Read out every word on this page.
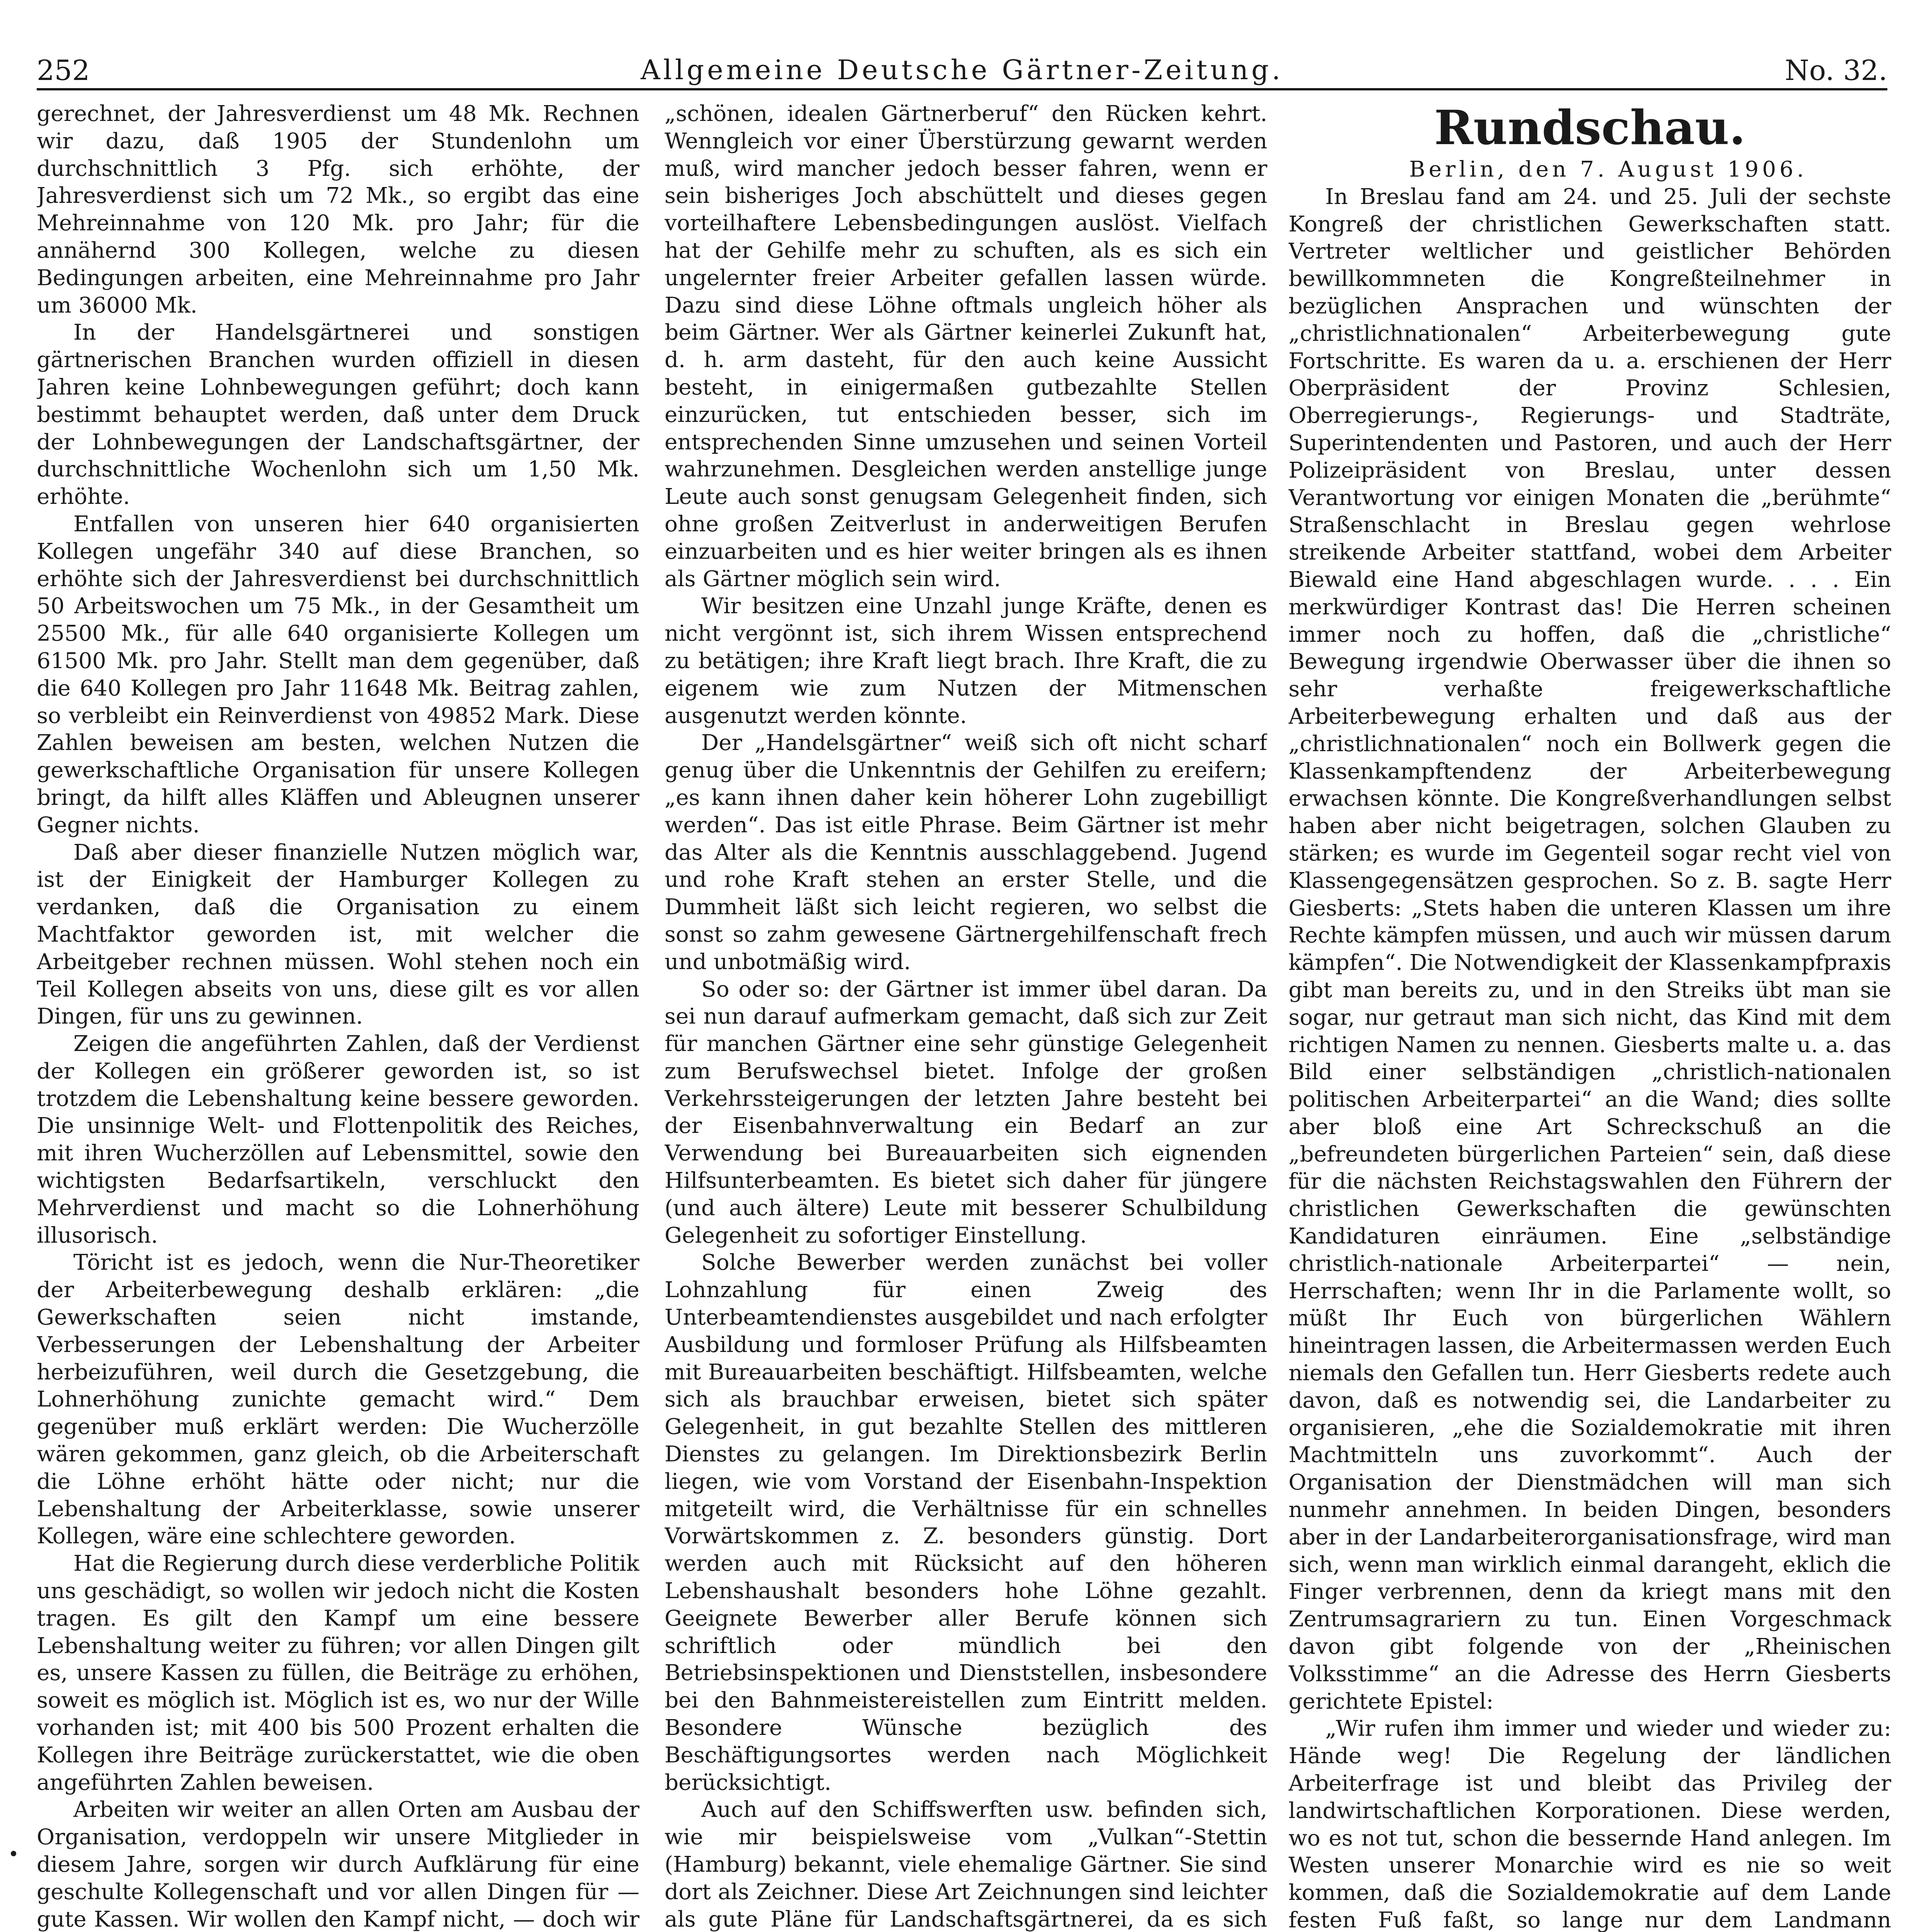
252	Allgemeine Deutsche Gärtner-Zeitung.	No. 32.

gerechnet, der Jahresverdienst um 48 Mk. Rechnen wir dazu, daß 1905 der Stundenlohn um durchschnittlich 3 Pfg. sich erhöhte, der Jahresverdienst sich um 72 Mk., so ergibt das eine Mehreinnahme von 120 Mk. pro Jahr; für die annähernd 300 Kollegen, welche zu diesen Bedingungen arbeiten, eine Mehreinnahme pro Jahr um 36000 Mk.

In der Handelsgärtnerei und sonstigen gärtnerischen Branchen wurden offiziell in diesen Jahren keine Lohnbewegungen geführt; doch kann bestimmt behauptet werden, daß unter dem Druck der Lohnbewegungen der Landschaftsgärtner, der durchschnittliche Wochenlohn sich um 1,50 Mk. erhöhte.

Entfallen von unseren hier 640 organisierten Kollegen ungefähr 340 auf diese Branchen, so erhöhte sich der Jahresverdienst bei durchschnittlich 50 Arbeitswochen um 75 Mk., in der Gesamtheit um 25500 Mk., für alle 640 organisierte Kollegen um 61500 Mk. pro Jahr. Stellt man dem gegenüber, daß die 640 Kollegen pro Jahr 11648 Mk. Beitrag zahlen, so verbleibt ein Reinverdienst von 49852 Mark. Diese Zahlen beweisen am besten, welchen Nutzen die gewerkschaftliche Organisation für unsere Kollegen bringt, da hilft alles Kläffen und Ableugnen unserer Gegner nichts.

Daß aber dieser finanzielle Nutzen möglich war, ist der Einigkeit der Hamburger Kollegen zu verdanken, daß die Organisation zu einem Machtfaktor geworden ist, mit welcher die Arbeitgeber rechnen müssen. Wohl stehen noch ein Teil Kollegen abseits von uns, diese gilt es vor allen Dingen, für uns zu gewinnen.

Zeigen die angeführten Zahlen, daß der Verdienst der Kollegen ein größerer geworden ist, so ist trotzdem die Lebenshaltung keine bessere geworden. Die unsinnige Welt- und Flottenpolitik des Reiches, mit ihren Wucherzöllen auf Lebensmittel, sowie den wichtigsten Bedarfsartikeln, verschluckt den Mehrverdienst und macht so die Lohnerhöhung illusorisch.

Töricht ist es jedoch, wenn die Nur-Theoretiker der Arbeiterbewegung deshalb erklären: „die Gewerkschaften seien nicht imstande, Verbesserungen der Lebenshaltung der Arbeiter herbeizuführen, weil durch die Gesetzgebung, die Lohnerhöhung zunichte gemacht wird.“ Dem gegenüber muß erklärt werden: Die Wucherzölle wären gekommen, ganz gleich, ob die Arbeiterschaft die Löhne erhöht hätte oder nicht; nur die Lebenshaltung der Arbeiterklasse, sowie unserer Kollegen, wäre eine schlechtere geworden.

Hat die Regierung durch diese verderbliche Politik uns geschädigt, so wollen wir jedoch nicht die Kosten tragen. Es gilt den Kampf um eine bessere Lebenshaltung weiter zu führen; vor allen Dingen gilt es, unsere Kassen zu füllen, die Beiträge zu erhöhen, soweit es möglich ist. Möglich ist es, wo nur der Wille vorhanden ist; mit 400 bis 500 Prozent erhalten die Kollegen ihre Beiträge zurückerstattet, wie die oben angeführten Zahlen beweisen.

Arbeiten wir weiter an allen Orten am Ausbau der Organisation, verdoppeln wir unsere Mitglieder in diesem Jahre, sorgen wir durch Aufklärung für eine geschulte Kollegenschaft und vor allen Dingen für — gute Kassen. Wir wollen den Kampf nicht, — doch wir

„schönen, idealen Gärtnerberuf“ den Rücken kehrt. Wenngleich vor einer Überstürzung gewarnt werden muß, wird mancher jedoch besser fahren, wenn er sein bisheriges Joch abschüttelt und dieses gegen vorteilhaftere Lebensbedingungen auslöst. Vielfach hat der Gehilfe mehr zu schuften, als es sich ein ungelernter freier Arbeiter gefallen lassen würde. Dazu sind diese Löhne oftmals ungleich höher als beim Gärtner. Wer als Gärtner keinerlei Zukunft hat, d. h. arm dasteht, für den auch keine Aussicht besteht, in einigermaßen gutbezahlte Stellen einzurücken, tut entschieden besser, sich im entsprechenden Sinne umzusehen und seinen Vorteil wahrzunehmen. Desgleichen werden anstellige junge Leute auch sonst genugsam Gelegenheit finden, sich ohne großen Zeitverlust in anderweitigen Berufen einzuarbeiten und es hier weiter bringen als es ihnen als Gärtner möglich sein wird.

Wir besitzen eine Unzahl junge Kräfte, denen es nicht vergönnt ist, sich ihrem Wissen entsprechend zu betätigen; ihre Kraft liegt brach. Ihre Kraft, die zu eigenem wie zum Nutzen der Mitmenschen ausgenutzt werden könnte.

Der „Handelsgärtner“ weiß sich oft nicht scharf genug über die Unkenntnis der Gehilfen zu ereifern; „es kann ihnen daher kein höherer Lohn zugebilligt werden“. Das ist eitle Phrase. Beim Gärtner ist mehr das Alter als die Kenntnis ausschlaggebend. Jugend und rohe Kraft stehen an erster Stelle, und die Dummheit läßt sich leicht regieren, wo selbst die sonst so zahm gewesene Gärtnergehilfenschaft frech und unbotmäßig wird.

So oder so: der Gärtner ist immer übel daran. Da sei nun darauf aufmerkam gemacht, daß sich zur Zeit für manchen Gärtner eine sehr günstige Gelegenheit zum Berufswechsel bietet. Infolge der großen Verkehrssteigerungen der letzten Jahre besteht bei der Eisenbahnverwaltung ein Bedarf an zur Verwendung bei Bureauarbeiten sich eignenden Hilfsunterbeamten. Es bietet sich daher für jüngere (und auch ältere) Leute mit besserer Schulbildung Gelegenheit zu sofortiger Einstellung.

Solche Bewerber werden zunächst bei voller Lohnzahlung für einen Zweig des Unterbeamtendienstes ausgebildet und nach erfolgter Ausbildung und formloser Prüfung als Hilfsbeamten mit Bureauarbeiten beschäftigt. Hilfsbeamten, welche sich als brauchbar erweisen, bietet sich später Gelegenheit, in gut bezahlte Stellen des mittleren Dienstes zu gelangen. Im Direktionsbezirk Berlin liegen, wie vom Vorstand der Eisenbahn-Inspektion mitgeteilt wird, die Verhältnisse für ein schnelles Vorwärtskommen z. Z. besonders günstig. Dort werden auch mit Rücksicht auf den höheren Lebenshaushalt besonders hohe Löhne gezahlt. Geeignete Bewerber aller Berufe können sich schriftlich oder mündlich bei den Betriebsinspektionen und Dienststellen, insbesondere bei den Bahnmeistereistellen zum Eintritt melden. Besondere Wünsche bezüglich des Beschäftigungsortes werden nach Möglichkeit berücksichtigt.

Auch auf den Schiffswerften usw. befinden sich, wie mir beispielsweise vom „Vulkan“-Stettin (Hamburg) bekannt, viele ehemalige Gärtner. Sie sind dort als Zeichner. Diese Art Zeichnungen sind leichter als gute Pläne für Landschaftsgärtnerei, da es sich

Rundschau.

Berlin, den 7. August 1906.

In Breslau fand am 24. und 25. Juli der sechste Kongreß der christlichen Gewerkschaften statt. Vertreter weltlicher und geistlicher Behörden bewillkommneten die Kongreßteilnehmer in bezüglichen Ansprachen und wünschten der „christlichnationalen“ Arbeiterbewegung gute Fortschritte. Es waren da u. a. erschienen der Herr Oberpräsident der Provinz Schlesien, Oberregierungs-, Regierungs- und Stadträte, Superintendenten und Pastoren, und auch der Herr Polizeipräsident von Breslau, unter dessen Verantwortung vor einigen Monaten die „berühmte“ Straßenschlacht in Breslau gegen wehrlose streikende Arbeiter stattfand, wobei dem Arbeiter Biewald eine Hand abgeschlagen wurde. . . . Ein merkwürdiger Kontrast das! Die Herren scheinen immer noch zu hoffen, daß die „christliche“ Bewegung irgendwie Oberwasser über die ihnen so sehr verhaßte freigewerkschaftliche Arbeiterbewegung erhalten und daß aus der „christlichnationalen“ noch ein Bollwerk gegen die Klassenkampftendenz der Arbeiterbewegung erwachsen könnte. Die Kongreßverhandlungen selbst haben aber nicht beigetragen, solchen Glauben zu stärken; es wurde im Gegenteil sogar recht viel von Klassengegensätzen gesprochen. So z. B. sagte Herr Giesberts: „Stets haben die unteren Klassen um ihre Rechte kämpfen müssen, und auch wir müssen darum kämpfen“. Die Notwendigkeit der Klassenkampfpraxis gibt man bereits zu, und in den Streiks übt man sie sogar, nur getraut man sich nicht, das Kind mit dem richtigen Namen zu nennen. Giesberts malte u. a. das Bild einer selbständigen „christlich-nationalen politischen Arbeiterpartei“ an die Wand; dies sollte aber bloß eine Art Schreckschuß an die „befreundeten bürgerlichen Parteien“ sein, daß diese für die nächsten Reichstagswahlen den Führern der christlichen Gewerkschaften die gewünschten Kandidaturen einräumen. Eine „selbständige christlich-nationale Arbeiterpartei“ — nein, Herrschaften; wenn Ihr in die Parlamente wollt, so müßt Ihr Euch von bürgerlichen Wählern hineintragen lassen, die Arbeitermassen werden Euch niemals den Gefallen tun. Herr Giesberts redete auch davon, daß es notwendig sei, die Landarbeiter zu organisieren, „ehe die Sozialdemokratie mit ihren Machtmitteln uns zuvorkommt“. Auch der Organisation der Dienstmädchen will man sich nunmehr annehmen. In beiden Dingen, besonders aber in der Landarbeiterorganisationsfrage, wird man sich, wenn man wirklich einmal darangeht, eklich die Finger verbrennen, denn da kriegt mans mit den Zentrumsagrariern zu tun. Einen Vorgeschmack davon gibt folgende von der „Rheinischen Volksstimme“ an die Adresse des Herrn Giesberts gerichtete Epistel:

„Wir rufen ihm immer und wieder und wieder zu: Hände weg! Die Regelung der ländlichen Arbeiterfrage ist und bleibt das Privileg der landwirtschaftlichen Korporationen. Diese werden, wo es not tut, schon die bessernde Hand anlegen. Im Westen unserer Monarchie wird es nie so weit kommen, daß die Sozialdemokratie auf dem Lande festen Fuß faßt, so lange nur dem Landmann
